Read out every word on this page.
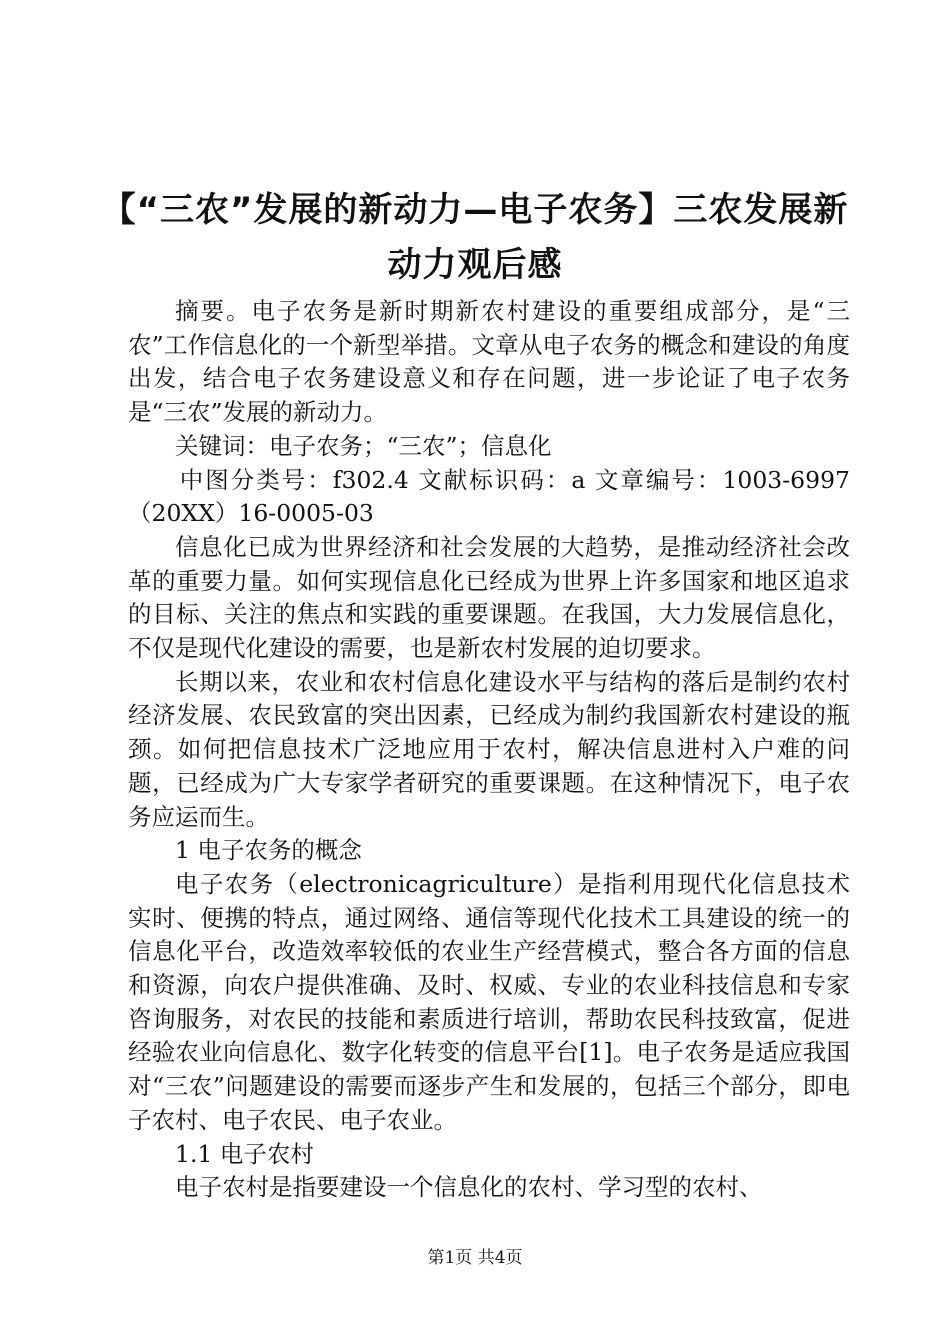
【“三农”发展的新动力—电子农务】三农发展新动力观后感

摘要。电子农务是新时期新农村建设的重要组成部分，是“三农”工作信息化的一个新型举措。文章从电子农务的概念和建设的角度出发，结合电子农务建设意义和存在问题，进一步论证了电子农务是“三农”发展的新动力。

关键词：电子农务；“三农”；信息化

中图分类号：f302.4 文献标识码：a 文章编号：1003-6997（20XX）16-0005-03

信息化已成为世界经济和社会发展的大趋势，是推动经济社会改革的重要力量。如何实现信息化已经成为世界上许多国家和地区追求的目标、关注的焦点和实践的重要课题。在我国，大力发展信息化，不仅是现代化建设的需要，也是新农村发展的迫切要求。

长期以来，农业和农村信息化建设水平与结构的落后是制约农村经济发展、农民致富的突出因素，已经成为制约我国新农村建设的瓶颈。如何把信息技术广泛地应用于农村，解决信息进村入户难的问题，已经成为广大专家学者研究的重要课题。在这种情况下，电子农务应运而生。

1 电子农务的概念

电子农务（electronicagriculture）是指利用现代化信息技术实时、便携的特点，通过网络、通信等现代化技术工具建设的统一的信息化平台，改造效率较低的农业生产经营模式，整合各方面的信息和资源，向农户提供准确、及时、权威、专业的农业科技信息和专家咨询服务，对农民的技能和素质进行培训，帮助农民科技致富，促进经验农业向信息化、数字化转变的信息平台[1]。电子农务是适应我国对“三农”问题建设的需要而逐步产生和发展的，包括三个部分，即电子农村、电子农民、电子农业。

1.1 电子农村

电子农村是指要建设一个信息化的农村、学习型的农村、

第1页 共4页
